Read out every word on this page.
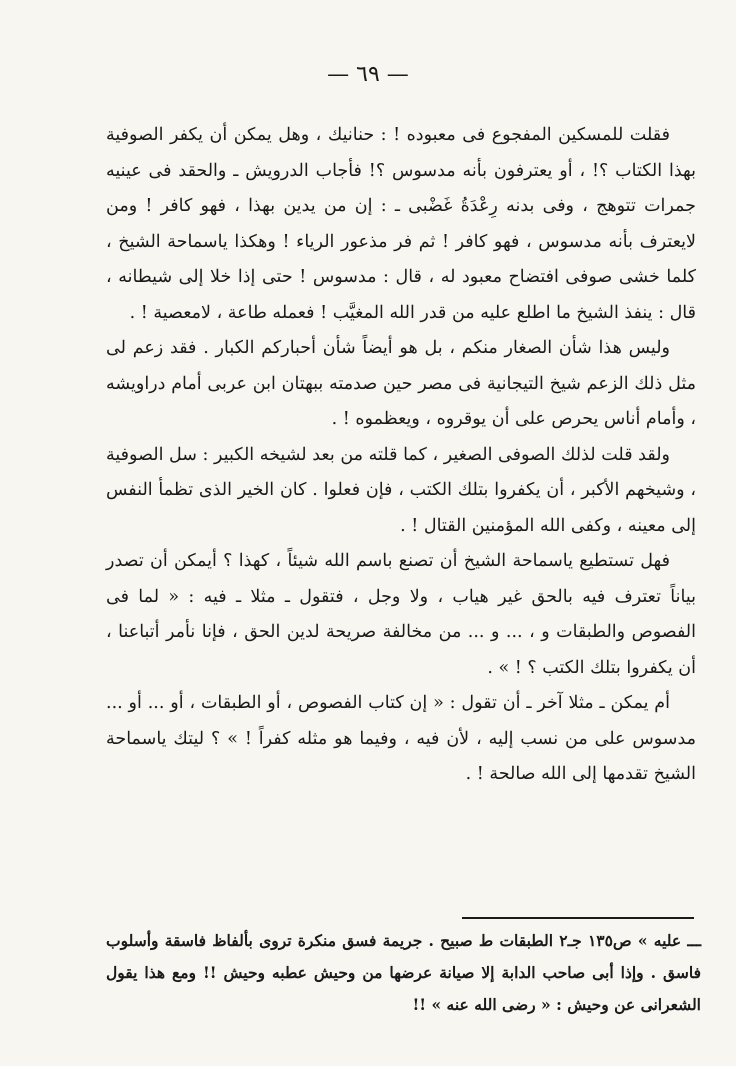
— ٦٩ —

فقلت للمسكين المفجوع فى معبوده ! : حنانيك ، وهل يمكن أن يكفر الصوفية بهذا الكتاب ؟! ، أو يعترفون بأنه مدسوس ؟! فأجاب الدرويش ـ والحقد فى عينيه جمرات تتوهج ، وفى بدنه رِعْدَةُ غَضْبى ـ : إن من يدين بهذا ، فهو كافر ! ومن لايعترف بأنه مدسوس ، فهو كافر ! ثم فر مذعور الرياء ! وهكذا ياسماحة الشيخ ، كلما خشى صوفى افتضاح معبود له ، قال : مدسوس ! حتى إذا خلا إلى شيطانه ، قال : ينفذ الشيخ ما اطلع عليه من قدر الله المغيَّب ! فعمله طاعة ، لامعصية ! .

وليس هذا شأن الصغار منكم ، بل هو أيضاً شأن أحباركم الكبار . فقد زعم لى مثل ذلك الزعم شيخ التيجانية فى مصر حين صدمته ببهتان ابن عربى أمام دراويشه ، وأمام أناس يحرص على أن يوقروه ، ويعظموه ! .

ولقد قلت لذلك الصوفى الصغير ، كما قلته من بعد لشيخه الكبير : سل الصوفية ، وشيخهم الأكبر ، أن يكفروا بتلك الكتب ، فإن فعلوا . كان الخير الذى تظمأ النفس إلى معينه ، وكفى الله المؤمنين القتال ! .

فهل تستطيع ياسماحة الشيخ أن تصنع باسم الله شيئاً ، كهذا ؟ أيمكن أن تصدر بياناً تعترف فيه بالحق غير هياب ، ولا وجل ، فتقول ـ مثلا ـ فيه : « لما فى الفصوص والطبقات و ، ... و ... من مخالفة صريحة لدين الحق ، فإنا نأمر أتباعنا ، أن يكفروا بتلك الكتب ؟ ! » .

أم يمكن ـ مثلا آخر ـ أن تقول : « إن كتاب الفصوص ، أو الطبقات ، أو ... أو ... مدسوس على من نسب إليه ، لأن فيه ، وفيما هو مثله كفراً ! » ؟ ليتك ياسماحة الشيخ تقدمها إلى الله صالحة ! .

ـــ عليه » ص١٣٥ جـ٢ الطبقات ط صبيح . جريمة فسق منكرة تروى بألفاظ فاسقة وأسلوب فاسق . وإذا أبى صاحب الدابة إلا صيانة عرضها من وحيش عطبه وحيش !! ومع هذا يقول الشعرانى عن وحيش : « رضى الله عنه » !!
